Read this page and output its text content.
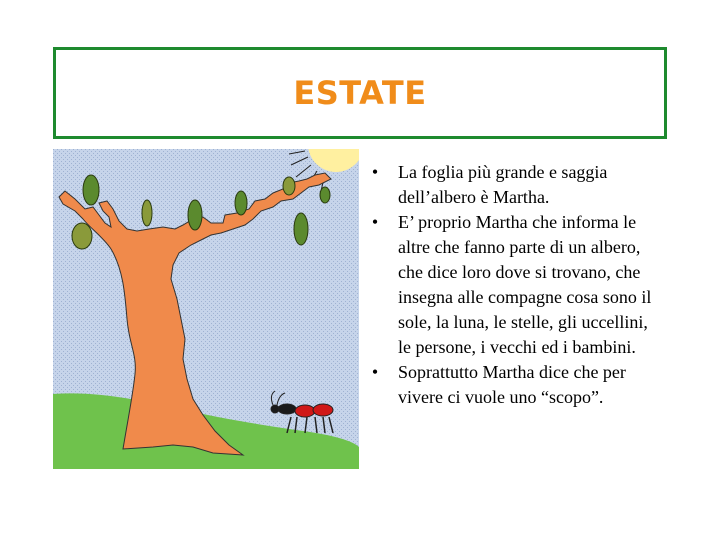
ESTATE
•	La foglia più grande e saggia dell’albero è Martha.
•	E’ proprio Martha che informa le altre che fanno parte di un albero, che dice loro dove si trovano, che insegna alle compagne cosa sono il sole, la luna, le stelle, gli uccellini, le persone, i vecchi ed i bambini.
•	Soprattutto Martha dice che per vivere ci vuole uno “scopo”.
